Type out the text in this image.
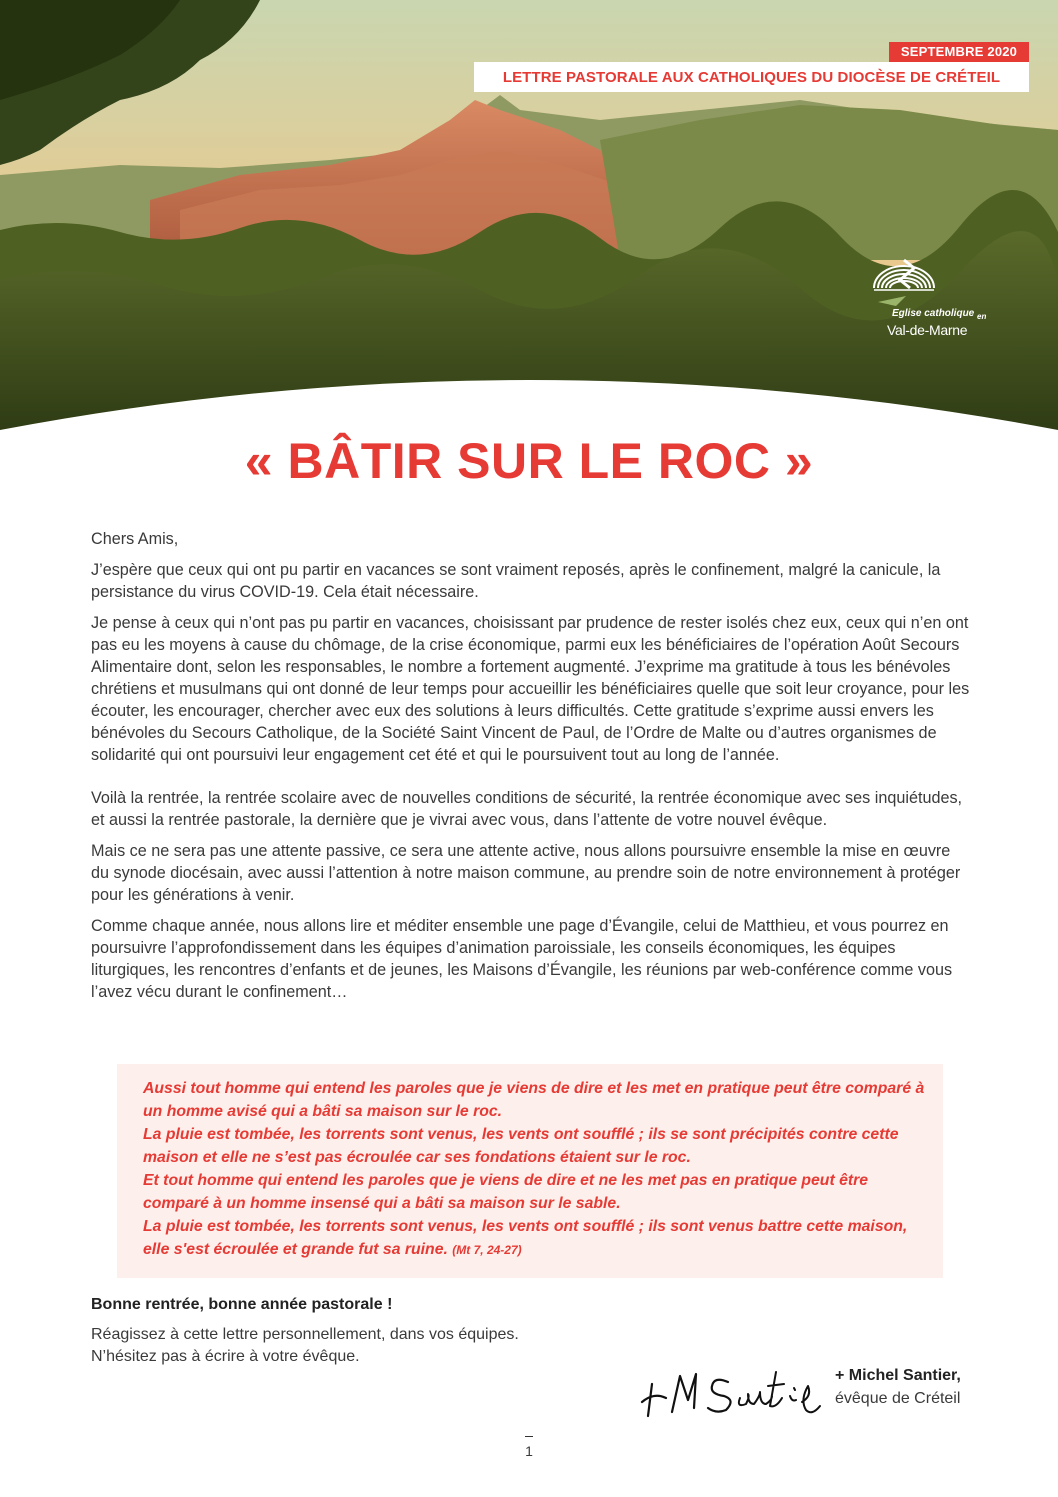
SEPTEMBRE 2020
LETTRE PASTORALE AUX CATHOLIQUES DU DIOCÈSE DE CRÉTEIL
Eglise catholique $_{en}$
Val-de-Marne
« BÂTIR SUR LE ROC »

Chers Amis,

J’espère que ceux qui ont pu partir en vacances se sont vraiment reposés, après le confinement, malgré la canicule, la persistance du virus COVID-19. Cela était nécessaire.

Je pense à ceux qui n’ont pas pu partir en vacances, choisissant par prudence de rester isolés chez eux, ceux qui n’en ont pas eu les moyens à cause du chômage, de la crise économique, parmi eux les bénéficiaires de l’opération Août Secours Alimentaire dont, selon les responsables, le nombre a fortement augmenté. J’exprime ma gratitude à tous les bénévoles chrétiens et musulmans qui ont donné de leur temps pour accueillir les bénéficiaires quelle que soit leur croyance, pour les écouter, les encourager, chercher avec eux des solutions à leurs difficultés. Cette gratitude s’exprime aussi envers les bénévoles du Secours Catholique, de la Société Saint Vincent de Paul, de l’Ordre de Malte ou d’autres organismes de solidarité qui ont poursuivi leur engagement cet été et qui le poursuivent tout au long de l’année.

Voilà la rentrée, la rentrée scolaire avec de nouvelles conditions de sécurité, la rentrée économique avec ses inquiétudes, et aussi la rentrée pastorale, la dernière que je vivrai avec vous, dans l’attente de votre nouvel évêque.

Mais ce ne sera pas une attente passive, ce sera une attente active, nous allons poursuivre ensemble la mise en œuvre du synode diocésain, avec aussi l’attention à notre maison commune, au prendre soin de notre environnement à protéger pour les générations à venir.

Comme chaque année, nous allons lire et méditer ensemble une page d’Évangile, celui de Matthieu, et vous pourrez en poursuivre l’approfondissement dans les équipes d’animation paroissiale, les conseils économiques, les équipes liturgiques, les rencontres d’enfants et de jeunes, les Maisons d’Évangile, les réunions par web-conférence comme vous l’avez vécu durant le confinement…

Aussi tout homme qui entend les paroles que je viens de dire et les met en pratique peut être comparé à un homme avisé qui a bâti sa maison sur le roc.
La pluie est tombée, les torrents sont venus, les vents ont soufflé ; ils se sont précipités contre cette maison et elle ne s’est pas écroulée car ses fondations étaient sur le roc.
Et tout homme qui entend les paroles que je viens de dire et ne les met pas en pratique peut être comparé à un homme insensé qui a bâti sa maison sur le sable.
La pluie est tombée, les torrents sont venus, les vents ont soufflé ; ils sont venus battre cette maison, elle s'est écroulée et grande fut sa ruine. (Mt 7, 24-27)
Bonne rentrée, bonne année pastorale !
Réagissez à cette lettre personnellement, dans vos équipes.
N’hésitez pas à écrire à votre évêque.
+ Michel Santier,
évêque de Créteil
1
